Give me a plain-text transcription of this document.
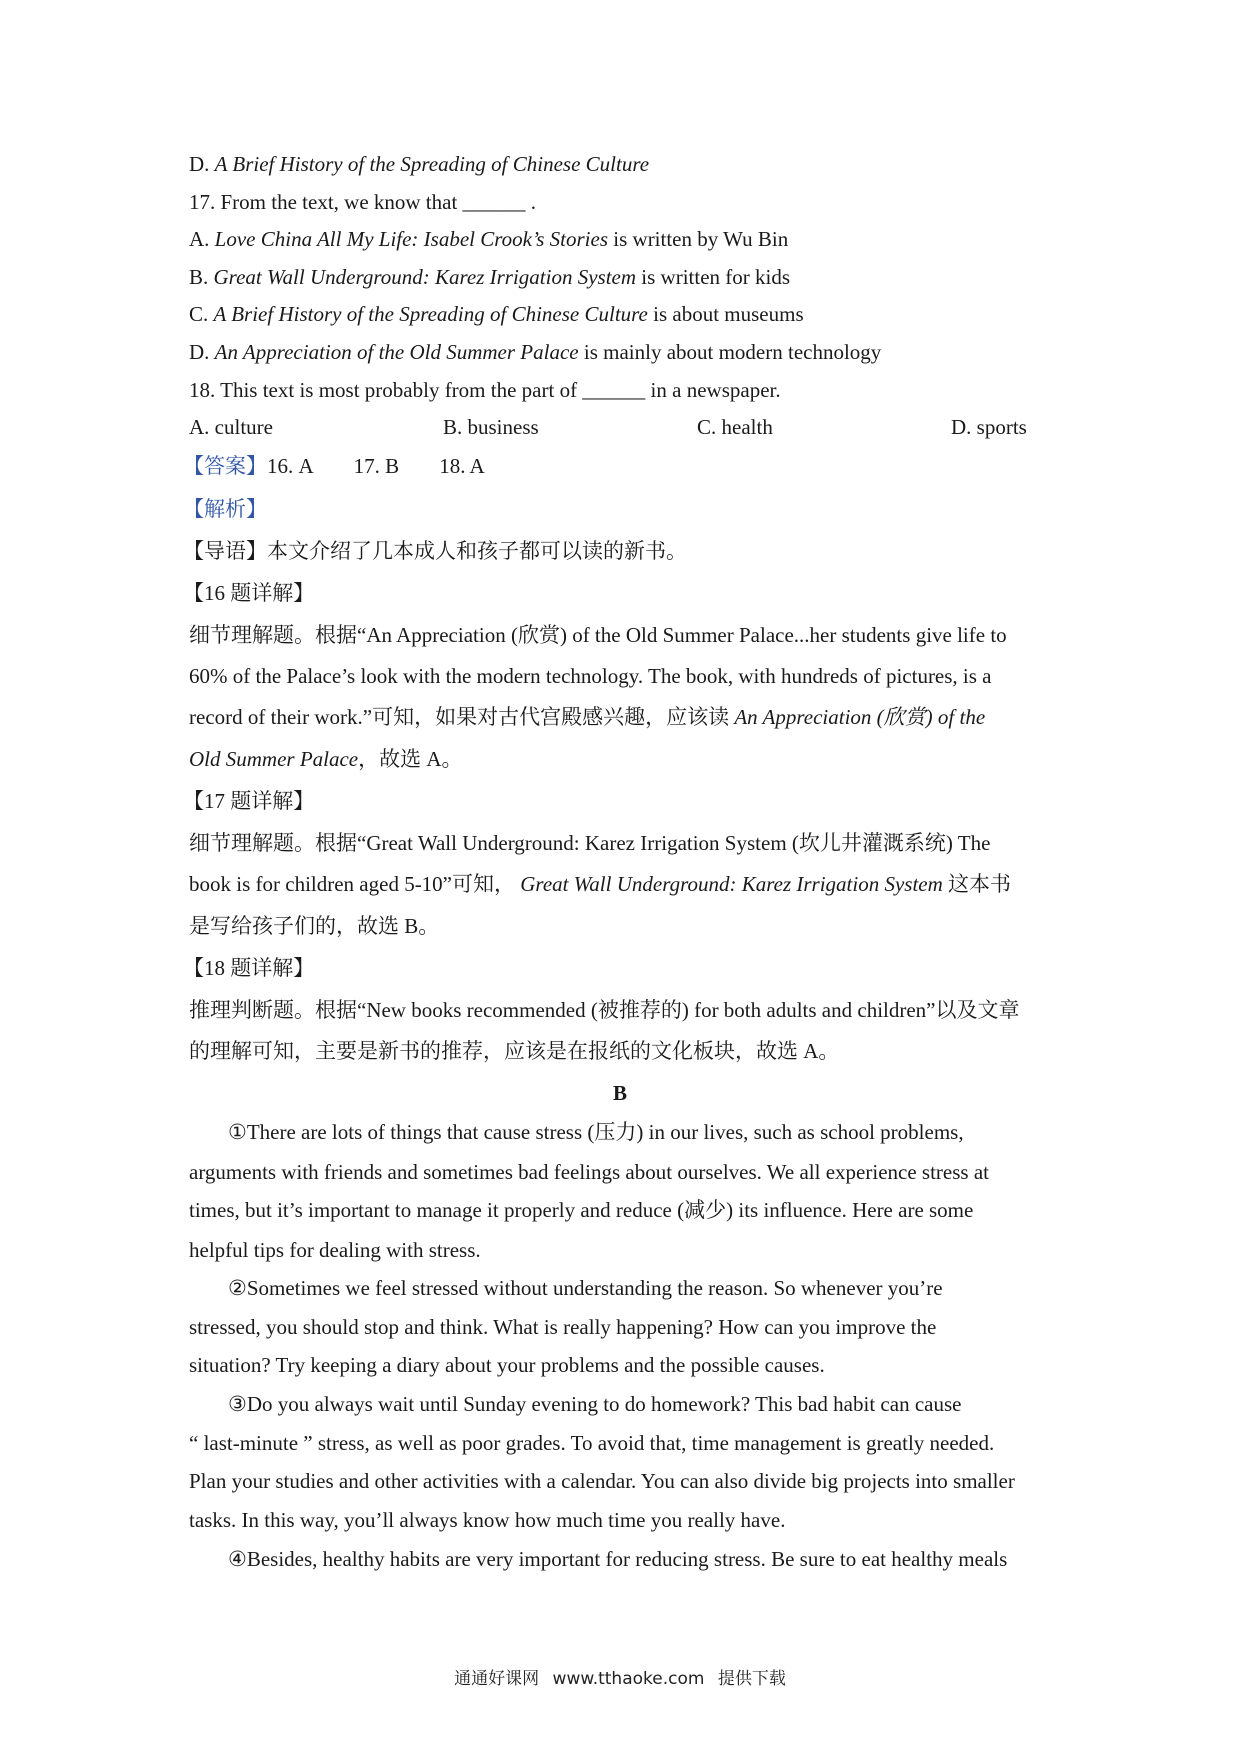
D. A Brief History of the Spreading of Chinese Culture
17. From the text, we know that ______ .
A. Love China All My Life: Isabel Crook’s Stories is written by Wu Bin
B. Great Wall Underground: Karez Irrigation System is written for kids
C. A Brief History of the Spreading of Chinese Culture is about museums
D. An Appreciation of the Old Summer Palace is mainly about modern technology
18. This text is most probably from the part of ______ in a newspaper.
A. culture	B. business	C. health	D. sports
【答案】16. A 17. B 18. A
【解析】
【导语】本文介绍了几本成人和孩子都可以读的新书。
【16 题详解】
细节理解题。根据“An Appreciation (欣赏) of the Old Summer Palace...her students give life to
60% of the Palace’s look with the modern technology. The book, with hundreds of pictures, is a
record of their work.”可知，如果对古代宫殿感兴趣，应该读 An Appreciation (欣赏) of the
Old Summer Palace，故选 A。
【17 题详解】
细节理解题。根据“Great Wall Underground: Karez Irrigation System (坎儿井灌溉系统) The
book is for children aged 5-10”可知， Great Wall Underground: Karez Irrigation System 这本书
是写给孩子们的，故选 B。
【18 题详解】
推理判断题。根据“New books recommended (被推荐的) for both adults and children”以及文章
的理解可知，主要是新书的推荐，应该是在报纸的文化板块，故选 A。
B
①There are lots of things that cause stress (压力) in our lives, such as school problems,
arguments with friends and sometimes bad feelings about ourselves. We all experience stress at
times, but it’s important to manage it properly and reduce (减少) its influence. Here are some
helpful tips for dealing with stress.
②Sometimes we feel stressed without understanding the reason. So whenever you’re
stressed, you should stop and think. What is really happening? How can you improve the
situation? Try keeping a diary about your problems and the possible causes.
③Do you always wait until Sunday evening to do homework? This bad habit can cause
“ last-minute ” stress, as well as poor grades. To avoid that, time management is greatly needed.
Plan your studies and other activities with a calendar. You can also divide big projects into smaller
tasks. In this way, you’ll always know how much time you really have.
④Besides, healthy habits are very important for reducing stress. Be sure to eat healthy meals
通通好课网 www.tthaoke.com 提供下载
